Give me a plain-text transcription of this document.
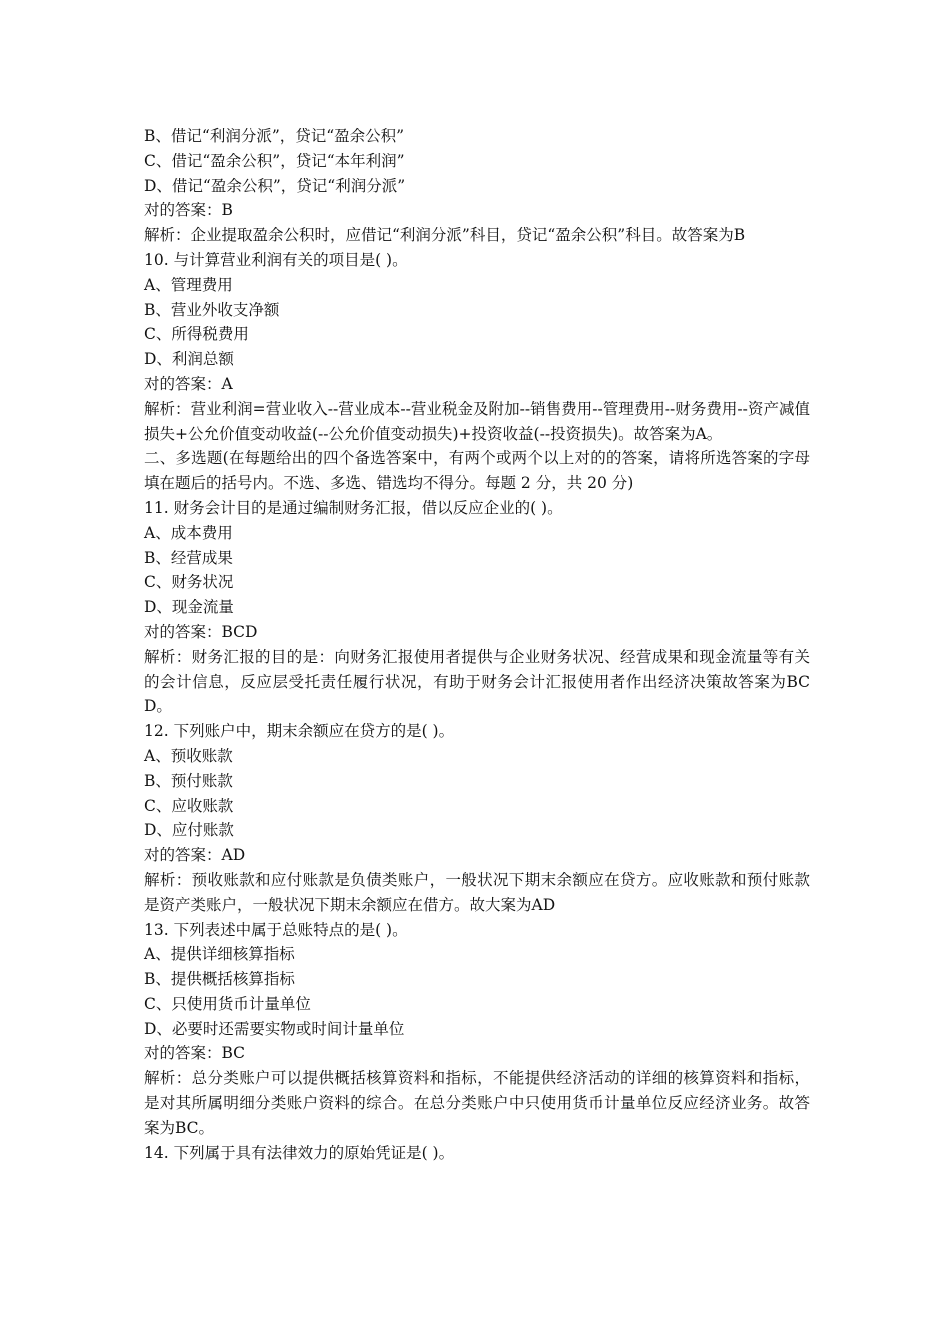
B、借记“利润分派”，贷记“盈余公积”

C、借记“盈余公积”，贷记“本年利润”

D、借记“盈余公积”，贷记“利润分派”

对的答案：B

解析：企业提取盈余公积时，应借记“利润分派”科目，贷记“盈余公积”科目。故答案为B

10. 与计算营业利润有关的项目是( )。

A、管理费用

B、营业外收支净额

C、所得税费用

D、利润总额

对的答案：A

解析：营业利润=营业收入--营业成本--营业税金及附加--销售费用--管理费用--财务费用--资产减值损失+公允价值变动收益(--公允价值变动损失)+投资收益(--投资损失)。故答案为A。

二、多选题(在每题给出的四个备选答案中，有两个或两个以上对的的答案，请将所选答案的字母填在题后的括号内。不选、多选、错选均不得分。每题 2 分，共 20 分)

11. 财务会计目的是通过编制财务汇报，借以反应企业的( )。

A、成本费用

B、经营成果

C、财务状况

D、现金流量

对的答案：BCD

解析：财务汇报的目的是：向财务汇报使用者提供与企业财务状况、经营成果和现金流量等有关的会计信息，反应层受托责任履行状况，有助于财务会计汇报使用者作出经济决策故答案为BCD。

12. 下列账户中，期末余额应在贷方的是( )。

A、预收账款

B、预付账款

C、应收账款

D、应付账款

对的答案：AD

解析：预收账款和应付账款是负债类账户，一般状况下期末余额应在贷方。应收账款和预付账款是资产类账户，一般状况下期末余额应在借方。故大案为AD

13. 下列表述中属于总账特点的是( )。

A、提供详细核算指标

B、提供概括核算指标

C、只使用货币计量单位

D、必要时还需要实物或时间计量单位

对的答案：BC

解析：总分类账户可以提供概括核算资料和指标，不能提供经济活动的详细的核算资料和指标，是对其所属明细分类账户资料的综合。在总分类账户中只使用货币计量单位反应经济业务。故答案为BC。

14. 下列属于具有法律效力的原始凭证是( )。
